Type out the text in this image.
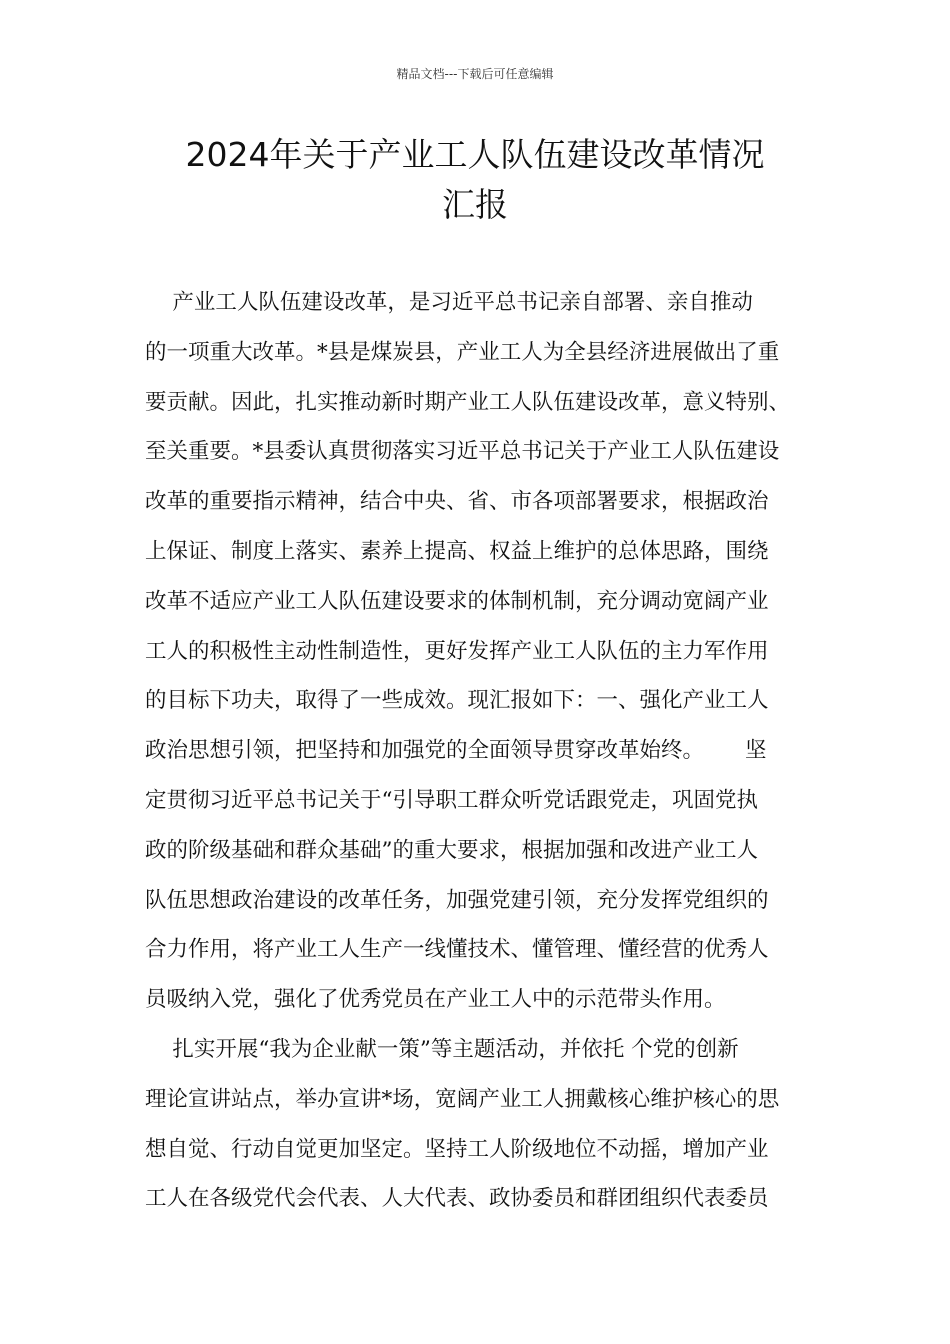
精品文档---下载后可任意编辑
2024年关于产业工人队伍建设改革情况
汇报
产业工人队伍建设改革，是习近平总书记亲自部署、亲自推动
的一项重大改革。*县是煤炭县，产业工人为全县经济进展做出了重
要贡献。因此，扎实推动新时期产业工人队伍建设改革，意义特别、
至关重要。*县委认真贯彻落实习近平总书记关于产业工人队伍建设
改革的重要指示精神，结合中央、省、市各项部署要求，根据政治
上保证、制度上落实、素养上提高、权益上维护的总体思路，围绕
改革不适应产业工人队伍建设要求的体制机制，充分调动宽阔产业
工人的积极性主动性制造性，更好发挥产业工人队伍的主力军作用
的目标下功夫，取得了一些成效。现汇报如下：一、强化产业工人
政治思想引领，把坚持和加强党的全面领导贯穿改革始终。      坚
定贯彻习近平总书记关于“引导职工群众听党话跟党走，巩固党执
政的阶级基础和群众基础”的重大要求，根据加强和改进产业工人
队伍思想政治建设的改革任务，加强党建引领，充分发挥党组织的
合力作用，将产业工人生产一线懂技术、懂管理、懂经营的优秀人
员吸纳入党，强化了优秀党员在产业工人中的示范带头作用。
扎实开展“我为企业献一策”等主题活动，并依托 个党的创新
理论宣讲站点，举办宣讲*场，宽阔产业工人拥戴核心维护核心的思
想自觉、行动自觉更加坚定。坚持工人阶级地位不动摇，增加产业
工人在各级党代会代表、人大代表、政协委员和群团组织代表委员
